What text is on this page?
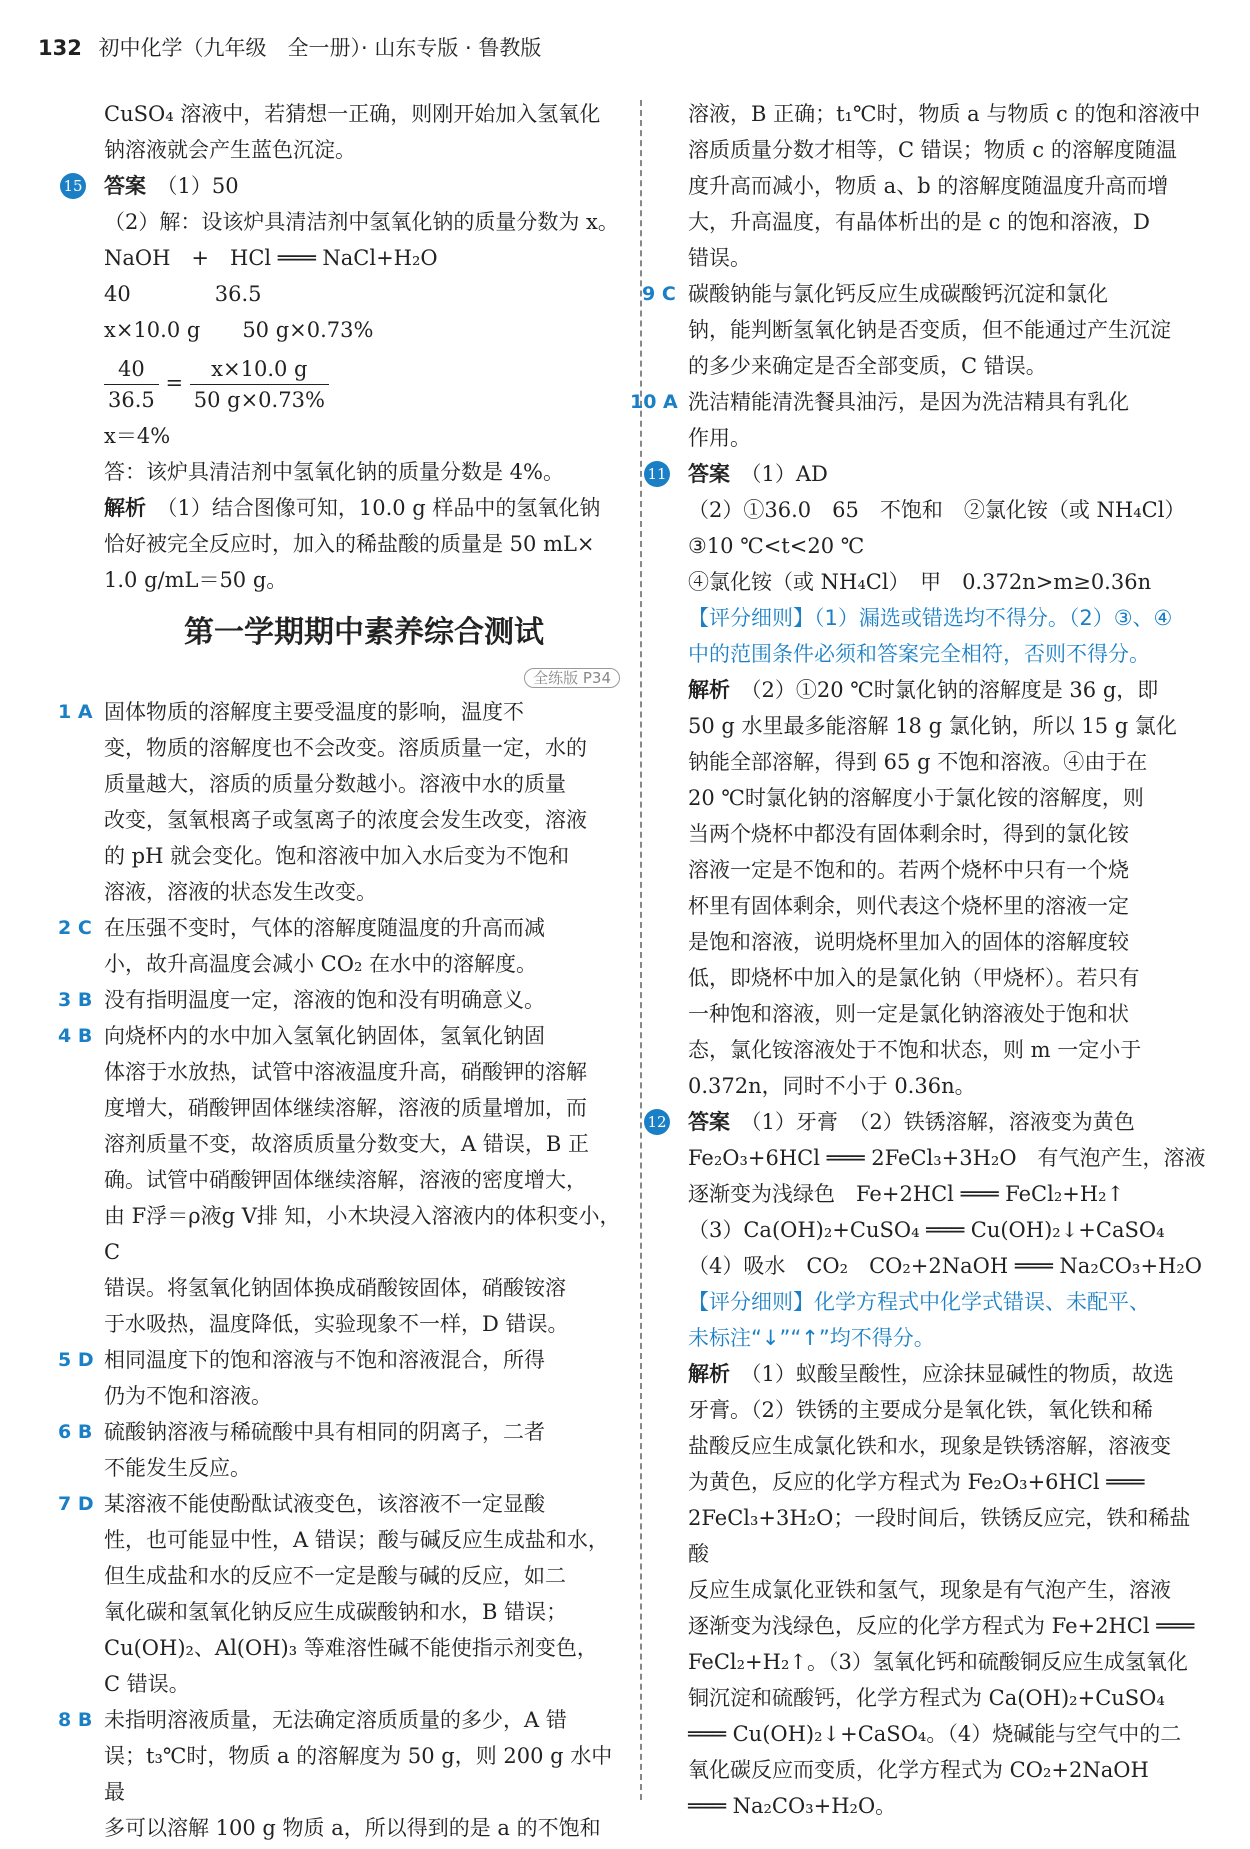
132 初中化学（九年级　全一册）· 山东专版 · 鲁教版

CuSO₄ 溶液中，若猜想一正确，则刚开始加入氢氧化

钠溶液就会产生蓝色沉淀。

15 答案　 （1）50

（2）解：设该炉具清洁剂中氢氧化钠的质量分数为 x。

NaOH　+　HCl ═══ NaCl+H₂O

40　　　　36.5

x×10.0 g　　50 g×0.73%

$\frac{40}{36.5} = \frac{x\times 10.0 g}{50 g\times 0.73\%}$

x＝4%

答：该炉具清洁剂中氢氧化钠的质量分数是 4%。

解析　 （1）结合图像可知，10.0 g 样品中的氢氧化钠

恰好被完全反应时，加入的稀盐酸的质量是 50 mL×

1.0 g/mL＝50 g。

第一学期期中素养综合测试
全练版 P34
1 A 固体物质的溶解度主要受温度的影响，温度不

变，物质的溶解度也不会改变。溶质质量一定，水的

质量越大，溶质的质量分数越小。溶液中水的质量

改变，氢氧根离子或氢离子的浓度会发生改变，溶液

的 pH 就会变化。饱和溶液中加入水后变为不饱和

溶液，溶液的状态发生改变。

2 C 在压强不变时，气体的溶解度随温度的升高而减

小，故升高温度会减小 CO₂ 在水中的溶解度。

3 B 没有指明温度一定，溶液的饱和没有明确意义。

4 B 向烧杯内的水中加入氢氧化钠固体，氢氧化钠固

体溶于水放热，试管中溶液温度升高，硝酸钾的溶解

度增大，硝酸钾固体继续溶解，溶液的质量增加，而

溶剂质量不变，故溶质质量分数变大，A 错误，B 正

确。试管中硝酸钾固体继续溶解，溶液的密度增大，

由 F浮＝ρ液g V排 知，小木块浸入溶液内的体积变小，C

错误。将氢氧化钠固体换成硝酸铵固体，硝酸铵溶

于水吸热，温度降低，实验现象不一样，D 错误。

5 D 相同温度下的饱和溶液与不饱和溶液混合，所得

仍为不饱和溶液。

6 B 硫酸钠溶液与稀硫酸中具有相同的阴离子，二者

不能发生反应。

7 D 某溶液不能使酚酞试液变色，该溶液不一定显酸

性，也可能显中性，A 错误；酸与碱反应生成盐和水，

但生成盐和水的反应不一定是酸与碱的反应，如二

氧化碳和氢氧化钠反应生成碳酸钠和水，B 错误；

Cu(OH)₂、Al(OH)₃ 等难溶性碱不能使指示剂变色，

C 错误。

8 B 未指明溶液质量，无法确定溶质质量的多少，A 错

误；t₃℃时，物质 a 的溶解度为 50 g，则 200 g 水中最

多可以溶解 100 g 物质 a，所以得到的是 a 的不饱和

溶液，B 正确；t₁℃时，物质 a 与物质 c 的饱和溶液中

溶质质量分数才相等，C 错误；物质 c 的溶解度随温

度升高而减小，物质 a、b 的溶解度随温度升高而增

大，升高温度，有晶体析出的是 c 的饱和溶液，D

错误。

9 C 碳酸钠能与氯化钙反应生成碳酸钙沉淀和氯化

钠，能判断氢氧化钠是否变质，但不能通过产生沉淀

的多少来确定是否全部变质，C 错误。

10 A 洗洁精能清洗餐具油污，是因为洗洁精具有乳化

作用。

11 答案　 （1）AD

（2）①36.0　65　不饱和　②氯化铵（或 NH₄Cl）

③10 ℃<t<20 ℃

④氯化铵（或 NH₄Cl）　甲　0.372n>m≥0.36n

【评分细则】（1）漏选或错选均不得分。（2）③、④

中的范围条件必须和答案完全相符，否则不得分。

解析　 （2）①20 ℃时氯化钠的溶解度是 36 g，即

50 g 水里最多能溶解 18 g 氯化钠，所以 15 g 氯化

钠能全部溶解，得到 65 g 不饱和溶液。④由于在

20 ℃时氯化钠的溶解度小于氯化铵的溶解度，则

当两个烧杯中都没有固体剩余时，得到的氯化铵

溶液一定是不饱和的。若两个烧杯中只有一个烧

杯里有固体剩余，则代表这个烧杯里的溶液一定

是饱和溶液，说明烧杯里加入的固体的溶解度较

低，即烧杯中加入的是氯化钠（甲烧杯）。若只有

一种饱和溶液，则一定是氯化钠溶液处于饱和状

态，氯化铵溶液处于不饱和状态，则 m 一定小于

0.372n，同时不小于 0.36n。

12 答案　 （1）牙膏　（2）铁锈溶解，溶液变为黄色

Fe₂O₃+6HCl ═══ 2FeCl₃+3H₂O　有气泡产生，溶液

逐渐变为浅绿色　Fe+2HCl ═══ FeCl₂+H₂↑

（3）Ca(OH)₂+CuSO₄ ═══ Cu(OH)₂↓+CaSO₄

（4）吸水　CO₂　CO₂+2NaOH ═══ Na₂CO₃+H₂O

【评分细则】化学方程式中化学式错误、未配平、

未标注“↓”“↑”均不得分。

解析　 （1）蚁酸呈酸性，应涂抹显碱性的物质，故选

牙膏。（2）铁锈的主要成分是氧化铁，氧化铁和稀

盐酸反应生成氯化铁和水，现象是铁锈溶解，溶液变

为黄色，反应的化学方程式为 Fe₂O₃+6HCl ═══

2FeCl₃+3H₂O；一段时间后，铁锈反应完，铁和稀盐酸

反应生成氯化亚铁和氢气，现象是有气泡产生，溶液

逐渐变为浅绿色，反应的化学方程式为 Fe+2HCl ═══

FeCl₂+H₂↑。（3）氢氧化钙和硫酸铜反应生成氢氧化

铜沉淀和硫酸钙，化学方程式为 Ca(OH)₂+CuSO₄

═══ Cu(OH)₂↓+CaSO₄。（4）烧碱能与空气中的二

氧化碳反应而变质，化学方程式为 CO₂+2NaOH

═══ Na₂CO₃+H₂O。
